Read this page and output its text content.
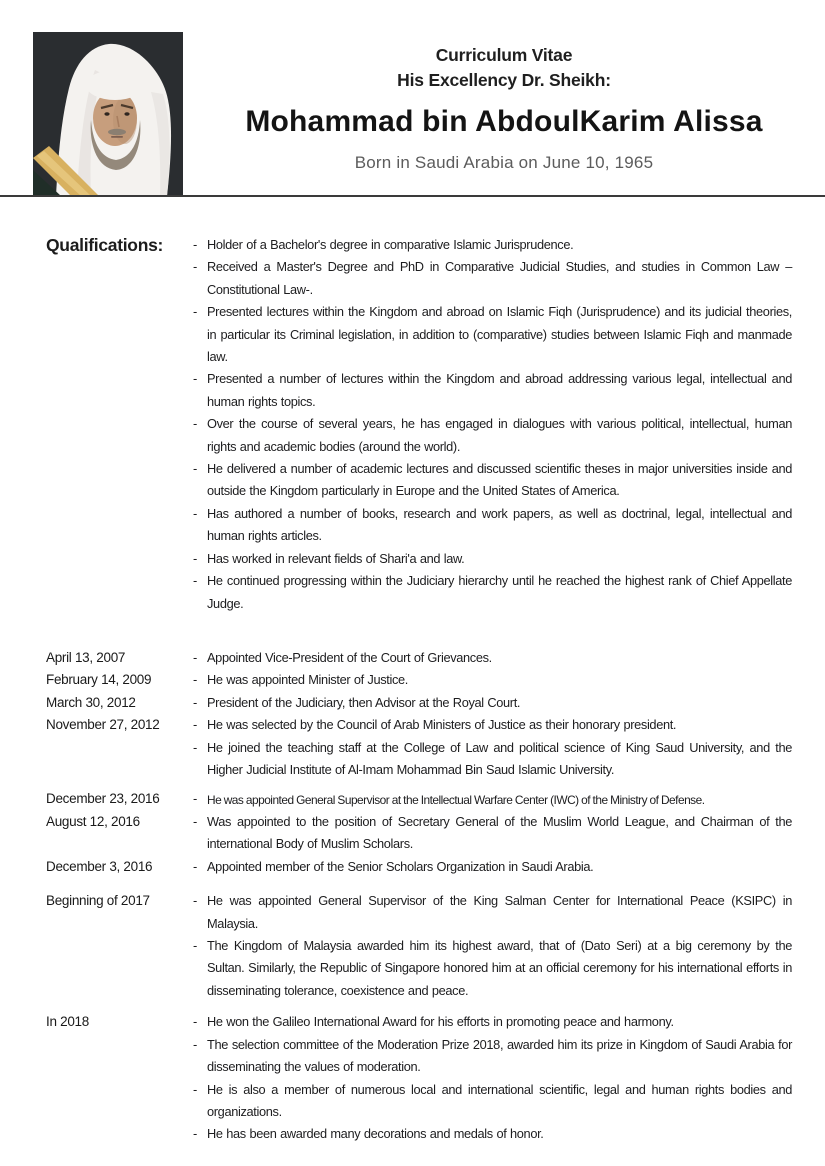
Curriculum Vitae
His Excellency Dr. Sheikh:
Mohammad bin AbdoulKarim Alissa
Born in Saudi Arabia on June 10, 1965
Qualifications:	- Holder of a Bachelor's degree in comparative Islamic Jurisprudence.

- Received a Master's Degree and PhD in Comparative Judicial Studies, and studies in Common Law –Constitutional Law-.

- Presented lectures within the Kingdom and abroad on Islamic Fiqh (Jurisprudence) and its judicial theories, in particular its Criminal legislation, in addition to (comparative) studies between Islamic Fiqh and manmade law.

- Presented a number of lectures within the Kingdom and abroad addressing various legal, intellectual and human rights topics.

- Over the course of several years, he has engaged in dialogues with various political, intellectual, human rights and academic bodies (around the world).

- He delivered a number of academic lectures and discussed scientific theses in major universities inside and outside the Kingdom particularly in Europe and the United States of America.

- Has authored a number of books, research and work papers, as well as doctrinal, legal, intellectual and human rights articles.

- Has worked in relevant fields of Shari'a and law.

- He continued progressing within the Judiciary hierarchy until he reached the highest rank of Chief Appellate Judge.

April 13, 2007	- Appointed Vice-President of the Court of Grievances.

February 14, 2009	- He was appointed Minister of Justice.

March 30, 2012	- President of the Judiciary, then Advisor at the Royal Court.

November 27, 2012	- He was selected by the Council of Arab Ministers of Justice as their honorary president.

- He joined the teaching staff at the College of Law and political science of King Saud University, and the Higher Judicial Institute of Al-Imam Mohammad Bin Saud Islamic University.

December 23, 2016	- He was appointed General Supervisor at the Intellectual Warfare Center (IWC) of the Ministry of Defense.

August 12, 2016	- Was appointed to the position of Secretary General of the Muslim World League, and Chairman of the international Body of Muslim Scholars.

December 3, 2016	- Appointed member of the Senior Scholars Organization in Saudi Arabia.

Beginning of 2017	- He was appointed General Supervisor of the King Salman Center for International Peace (KSIPC) in Malaysia.

- The Kingdom of Malaysia awarded him its highest award, that of (Dato Seri) at a big ceremony by the Sultan. Similarly, the Republic of Singapore honored him at an official ceremony for his international efforts in disseminating tolerance, coexistence and peace.

In 2018	- He won the Galileo International Award for his efforts in promoting peace and harmony.

- The selection committee of the Moderation Prize 2018, awarded him its prize in Kingdom of Saudi Arabia for disseminating the values of moderation.

- He is also a member of numerous local and international scientific, legal and human rights bodies and organizations.

- He has been awarded many decorations and medals of honor.
